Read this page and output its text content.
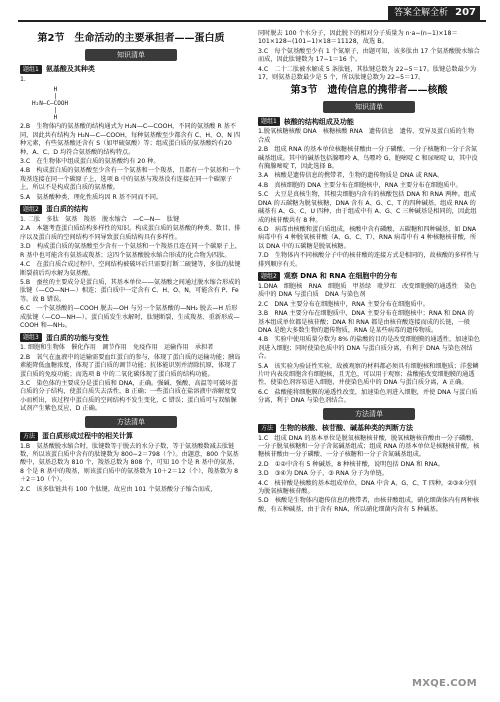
答案全解全析 207
第2节　生命活动的主要承担者——蛋白质
知识清单
题组1	氨基酸及其种类
1.
H
|
H₂N—C—COOH
|
H
2.B　生物体内的氨基酸的结构通式为 H₂N—C—COOH，不同的氨基酸 R 基不同，因此共有结构为 H₂N—C—COOH，每种氨基酸至少都含有 C、H、O、N 四种元素，有些氨基酸还含有 S（如甲硫氨酸）等；组成蛋白质的氨基酸约有20种，A、C、D 均符合氨基酸的结构特点。
3.C　在生物体中组成蛋白质的氨基酸约有 20 种。
4.B　构成蛋白质的氨基酸至少含有一个氨基和一个羧基，且都有一个氨基和一个羧基连接在同一个碳原子上，选项 B 中的氨基与羧基没有连接在同一个碳原子上，所以不是构成蛋白质的氨基酸。
5.A　氨基酸种类、理化性质均因 R 基不同而不同。
题组2	蛋白质的结构
1. 二肽　多肽　氨基　羧基　脱水缩合　—C—N—　肽键
2.A　本题考查蛋白质结构多样性的知识。构成蛋白质的氨基酸的种类、数目、排序以及蛋白质的空间结构不同导致蛋白质结构具有多样性。
3.D　构成蛋白质的氨基酸至少含有一个氨基和一个羧基且连在同一个碳原子上，R 基中也可能含有氨基或羧基；这四个氨基酸脱水缩合形成的化合物为四肽。
4.C　在蛋白质合成过程中，空间结构被破坏后只需要打断二硫键等，多肽的肽键断裂前后均水解为氨基酸。
5.B　蚕丝的主要成分是蛋白质，其基本单位——氨基酸之间通过脱水缩合形成的肽键（—CO—NH—）相连；蛋白质中一定含有 C、H、O、N，可能含有 P、Fe 等。故 B 错误。
6.C　一个氨基酸的—COOH 脱去—OH 与另一个氨基酸的—NH₂ 脱去—H 后形成肽键（—CO—NH—）。蛋白质发生水解时，肽键断裂，生成羧基、重新形成—COOH 和—NH₂。
题组3	蛋白质的功能与变性
1. 细胞和生物体　催化作用　调节作用　免疫作用　运输作用　承担者
2.B　氧气在血液中的运输需要血红蛋白的参与，体现了蛋白质的运输功能；胰岛素能降低血糖浓度，体现了蛋白质的调节功能；抗体能识别并清除抗原，体现了蛋白质的免疫功能；而选项 B 中的二氧化碳体现了蛋白质的结构功能。
3.C　染色体的主要成分是蛋白质和 DNA，正确。强碱、强酸、高温等可破坏蛋白质的分子结构，使蛋白质失去活性，B 正确；一些蛋白质在盐溶液中溶解度变小而析出，该过程中蛋白质的空间结构不发生变化，C 错误；蛋白质可与双缩脲试剂产生紫色反应，D 正确。
方法清单
方法	蛋白质形成过程中的相关计算
1.B　氨基酸脱水缩合时，肽键数等于脱去的水分子数，等于氨基酸数减去肽链数，所以该蛋白质中含有的肽键数为 800−2＝798（个）。由题意，800 个氨基酸中，氨基总数为 810 个，羧基总数为 808 个，可知 10 个是 R 基中的氨基，8 个是 R 基中的羧基，则该蛋白质中的氨基数为 10＋2＝12（个），羧基数为 8＋2＝10（个）。
2.C　该多肽链共有 100 个肽键，故应由 101 个氨基酸分子缩合而成，
同时脱去 100 个水分子，因此脱下的相对分子质量为 n·a−(n−1)×18＝101×128−(101−1)×18＝11128，故选 B。
3.C　每个氨基酸至少有 1 个氮原子，由题可知，该多肽由 17 个氨基酸脱水缩合而成，因此肽键数为 17−1＝16 个。
4.C　二十二肽被水解成 5 条肽链，其肽键总数为 22−5＝17。肽键总数最少为 17，则氨基总数最少是 5 个，所以肽键总数为 22−5＝17。
第3节　遗传信息的携带者——核酸
知识清单
题组1	核酸的结构组成及功能
1.脱氧核糖核酸 DNA　核糖核酸 RNA　遗传信息　遗传、变异及蛋白质的生物合成
2.B　组成 RNA 的基本单位核糖核苷酸由一分子磷酸、一分子核糖和一分子含氮碱基组成。其中的碱基包括腺嘌呤 A、鸟嘌呤 G、胞嘧啶 C 和尿嘧啶 U，其中没有胸腺嘧啶 T，因此选择 B。
3.A　核酸是遗传信息的携带者，生物的遗传物质是 DNA 或 RNA。
4.B　真核细胞的 DNA 主要分布在细胞核中，RNA 主要分布在细胞质中。
5.C　大豆是真核生物，其根尖细胞内含有的核酸包括 DNA 和 RNA 两种。组成 DNA 的五碳糖为脱氧核糖，DNA 含有 A、G、C、T 的四种碱基，组成 RNA 的碱基有 A、G、C、U 四种，由于组成中有 A、G、C 三种碱基是相同的，因此组成的核苷酸共有 8 种。
6.D　病毒由核酸和蛋白质组成，核酸中含有磷酸、五碳糖和四种碱基，如 DNA 病毒中有 4 种脱氧核苷酸（A、G、C、T），RNA 病毒中有 4 种核糖核苷酸，所以 DNA 中的五碳糖是脱氧核糖。
7.D　生物体内不同核酸分子中的核苷酸的连接方式是相同的，故核酸的多样性与排列顺序有关。
题组2	观察 DNA 和 RNA 在细胞中的分布
1.DNA　细胞核　RNA　细胞质　甲基绿　吡罗红　改变细胞膜的通透性　染色质中的 DNA 与蛋白质　DNA 与染色剂
2.C　DNA 主要分布在细胞核中，RNA 主要分布在细胞质中。
3.B　RNA 主要分布在细胞质中，DNA 主要分布在细胞核中；RNA 和 DNA 的基本组成单位都是核苷酸；DNA 和 RNA 都是由核苷酸连接而成的长链，一般 DNA 是绝大多数生物的遗传物质，RNA 是某些病毒的遗传物质。
4.B　实验中使用质量分数为 8% 的盐酸的目的是改变细胞膜的通透性，加速染色剂进入细胞；同时使染色质中的 DNA 与蛋白质分离，有利于 DNA 与染色剂结合。
5.A　该实验为验证性实验，故被观察的材料都必须具有细胞核和细胞质；洋葱鳞片叶内表皮细胞含有细胞核，且无色，可以用于观察；盐酸能改变细胞膜的通透性，使染色剂容易进入细胞，并使染色质中的 DNA 与蛋白质分离，A 正确。
6.C　盐酸能将细胞膜的通透性改变，加速染色剂进入细胞，并使 DNA 与蛋白质分离，利于 DNA 与染色剂结合。
方法清单
方法	生物的核酸、核苷酸、碱基种类的判断方法
1.C　组成 DNA 的基本单位是脱氧核糖核苷酸，脱氧核糖核苷酸由一分子磷酸、一分子脱氧核糖和一分子含氮碱基组成；组成 RNA 的基本单位是核糖核苷酸，核糖核苷酸由一分子磷酸、一分子核糖和一分子含氮碱基组成。
2.D　①②中含有 5 种碱基，8 种核苷酸，说明包括 DNA 和 RNA。
3.D　③④为 DNA 分子，③ RNA 分子为单链。
4.C　核苷酸是核酸的基本组成单位，DNA 中含 A、G、C、T 四种，②③④分别为脱氧核糖核苷酸。
5.D　核酸是生物体内遗传信息的携带者，由核苷酸组成，硝化细菌体内有两种核酸，有五种碱基，由于含有 RNA，所以硝化细菌内含有 5 种碱基。
MXQE.COM
